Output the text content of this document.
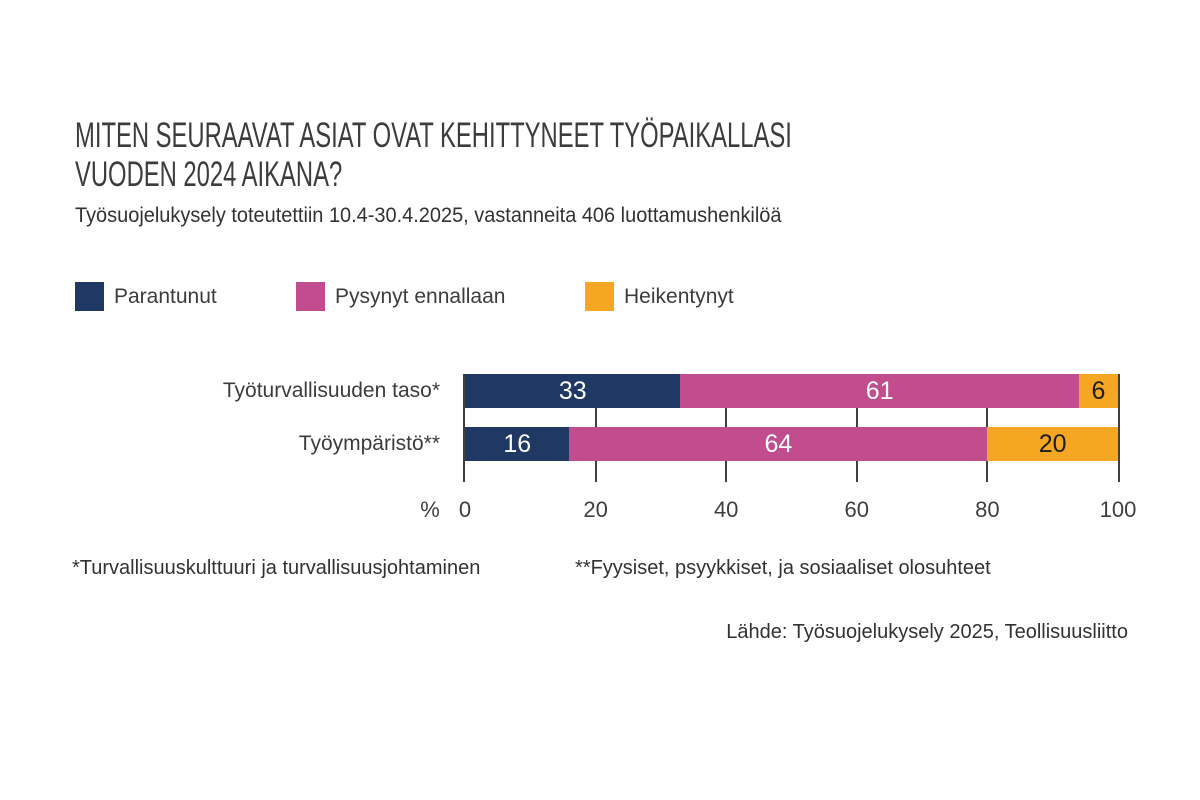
MITEN SEURAAVAT ASIAT OVAT KEHITTYNEET TYÖPAIKALLASI
VUODEN 2024 AIKANA?
Työsuojelukysely toteutettiin 10.4-30.4.2025, vastanneita 406 luottamushenkilöä
Parantunut	Pysynyt ennallaan	Heikentynyt
Työturvallisuuden taso*	33	61	6
Työympäristö**	16	64	20
% 0	20	40	60	80	100
*Turvallisuuskulttuuri ja turvallisuusjohtaminen	**Fyysiset, psyykkiset, ja sosiaaliset olosuhteet
Lähde: Työsuojelukysely 2025, Teollisuusliitto
